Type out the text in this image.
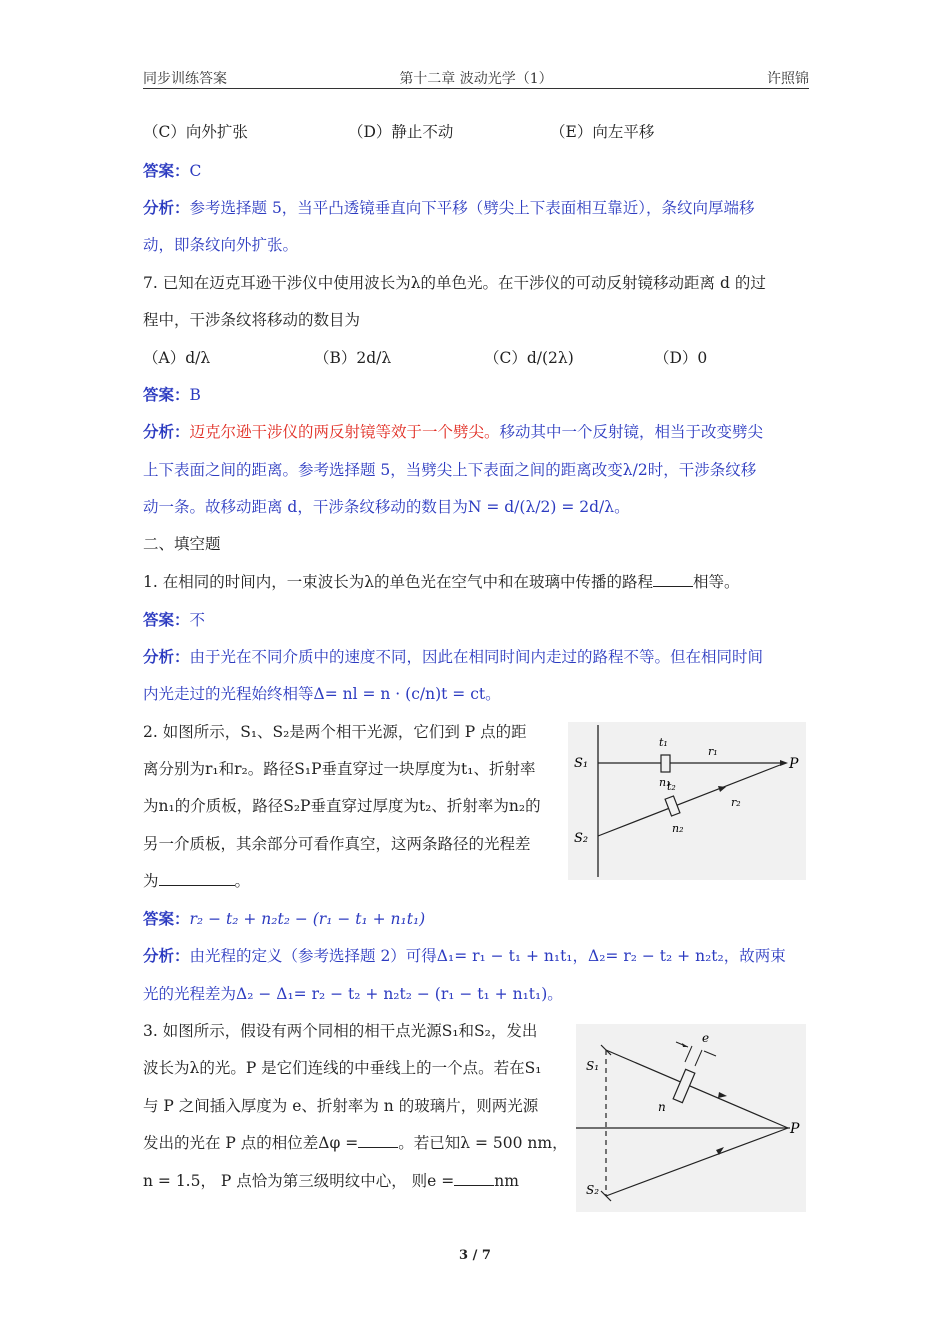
同步训练答案	第十二章 波动光学（1）	许照锦
（C）向外扩张	（D）静止不动	（E）向左平移
答案：C
分析：参考选择题 5，当平凸透镜垂直向下平移（劈尖上下表面相互靠近），条纹向厚端移
动，即条纹向外扩张。
7. 已知在迈克耳逊干涉仪中使用波长为λ的单色光。在干涉仪的可动反射镜移动距离 d 的过
程中，干涉条纹将移动的数目为
（A）d/λ	（B）2d/λ	（C）d/(2λ)	（D）0
答案：B
分析：迈克尔逊干涉仪的两反射镜等效于一个劈尖。移动其中一个反射镜，相当于改变劈尖
上下表面之间的距离。参考选择题 5，当劈尖上下表面之间的距离改变λ/2时，干涉条纹移
动一条。故移动距离 d，干涉条纹移动的数目为N = d/(λ/2) = 2d/λ。
二、填空题
1. 在相同的时间内，一束波长为λ的单色光在空气中和在玻璃中传播的路程	相等。
答案：不
分析：由于光在不同介质中的速度不同，因此在相同时间内走过的路程不等。但在相同时间
内光走过的光程始终相等Δ= nl = n · (c/n)t = ct。
2. 如图所示，S₁、S₂是两个相干光源，它们到 P 点的距
离分别为r₁和r₂。路径S₁P垂直穿过一块厚度为t₁、折射率
为n₁的介质板，路径S₂P垂直穿过厚度为t₂、折射率为n₂的
另一介质板，其余部分可看作真空，这两条路径的光程差
为	。
S₁
S₂
t₁
n₁
t₂
n₂
r₁
r₂
P
答案：r₂ − t₂ + n₂t₂ − (r₁ − t₁ + n₁t₁)
分析：由光程的定义（参考选择题 2）可得Δ₁= r₁ − t₁ + n₁t₁，Δ₂= r₂ − t₂ + n₂t₂，故两束
光的光程差为Δ₂ − Δ₁= r₂ − t₂ + n₂t₂ − (r₁ − t₁ + n₁t₁)。
3. 如图所示，假设有两个同相的相干点光源S₁和S₂，发出
波长为λ的光。P 是它们连线的中垂线上的一个点。若在S₁
与 P 之间插入厚度为 e、折射率为 n 的玻璃片，则两光源
发出的光在 P 点的相位差Δφ =	。若已知λ = 500 nm，
n = 1.5， P 点恰为第三级明纹中心， 则e =	nm
e
n
S₁
S₂
P
3 / 7
